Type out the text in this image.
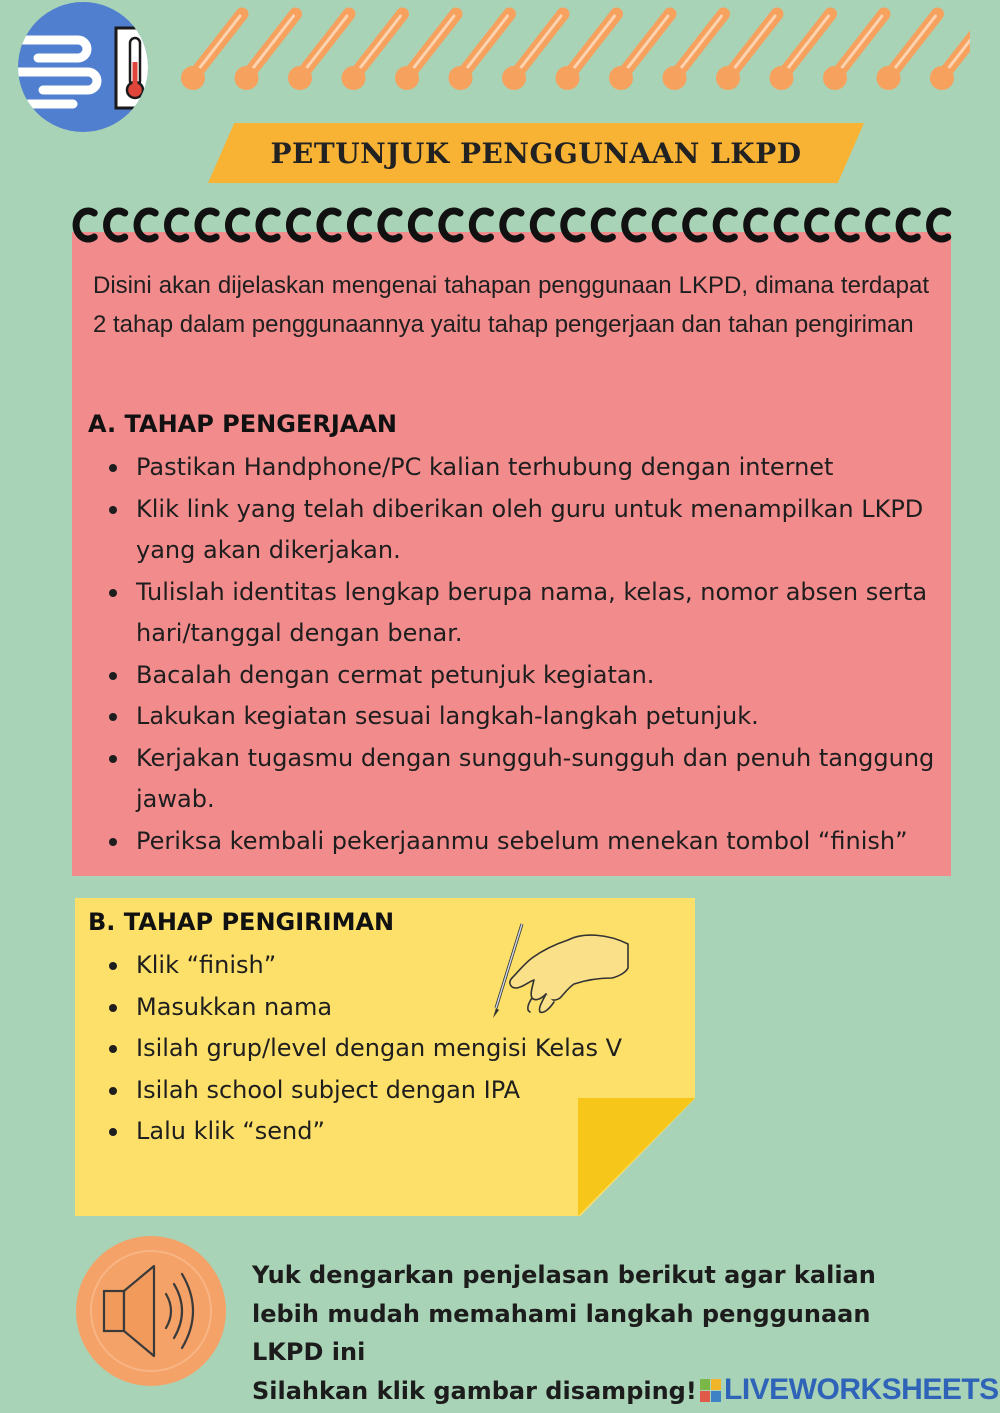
PETUNJUK PENGGUNAAN LKPD
Disini akan dijelaskan mengenai tahapan penggunaan LKPD, dimana terdapat 2 tahap dalam penggunaannya yaitu tahap pengerjaan dan tahan pengiriman
A. TAHAP PENGERJAAN
Pastikan Handphone/PC kalian terhubung dengan internet
Klik link yang telah diberikan oleh guru untuk menampilkan LKPD yang akan dikerjakan.
Tulislah identitas lengkap berupa nama, kelas, nomor absen serta hari/tanggal dengan benar.
Bacalah dengan cermat petunjuk kegiatan.
Lakukan kegiatan sesuai langkah-langkah petunjuk.
Kerjakan tugasmu dengan sungguh-sungguh dan penuh tanggung jawab.
Periksa kembali pekerjaanmu sebelum menekan tombol “finish”
B. TAHAP PENGIRIMAN
Klik “finish”
Masukkan nama
Isilah grup/level dengan mengisi Kelas V
Isilah school subject dengan IPA
Lalu klik “send”
Yuk dengarkan penjelasan berikut agar kalian
lebih mudah memahami langkah penggunaan
LKPD ini
Silahkan klik gambar disamping! LIVEWORKSHEETS
